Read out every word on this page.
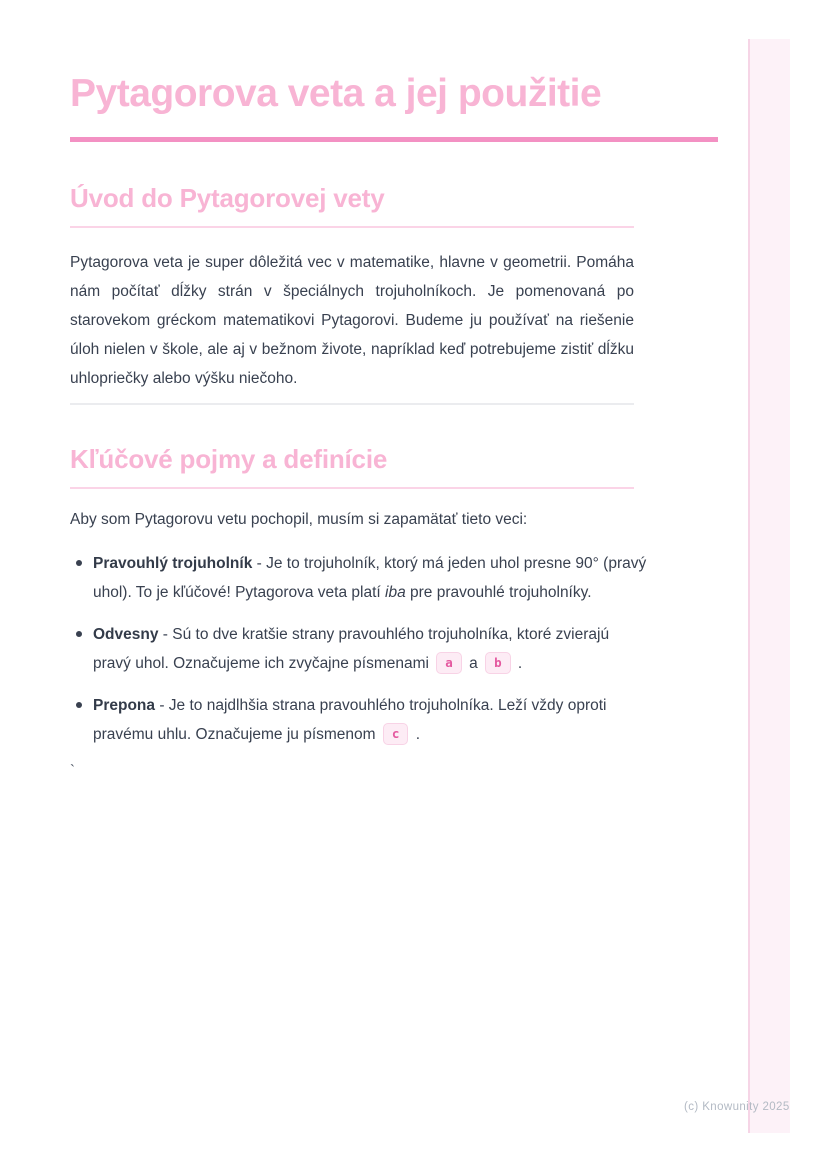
Pytagorova veta a jej použitie
Úvod do Pytagorovej vety

Pytagorova veta je super dôležitá vec v matematike, hlavne v geometrii. Pomáha nám počítať dĺžky strán v špeciálnych trojuholníkoch. Je pomenovaná po starovekom gréckom matematikovi Pytagorovi. Budeme ju používať na riešenie úloh nielen v škole, ale aj v bežnom živote, napríklad keď potrebujeme zistiť dĺžku uhlopriečky alebo výšku niečoho.

Kľúčové pojmy a definície

Aby som Pytagorovu vetu pochopil, musím si zapamätať tieto veci:

Pravouhlý trojuholník - Je to trojuholník, ktorý má jeden uhol presne 90° (pravý uhol). To je kľúčové! Pytagorova veta platí iba pre pravouhlé trojuholníky.
Odvesny - Sú to dve kratšie strany pravouhlého trojuholníka, ktoré zvierajú pravý uhol. Označujeme ich zvyčajne písmenami a a b .
Prepona - Je to najdlhšia strana pravouhlého trojuholníka. Leží vždy oproti pravému uhlu. Označujeme ju písmenom c .
`
(c) Knowunity 2025
